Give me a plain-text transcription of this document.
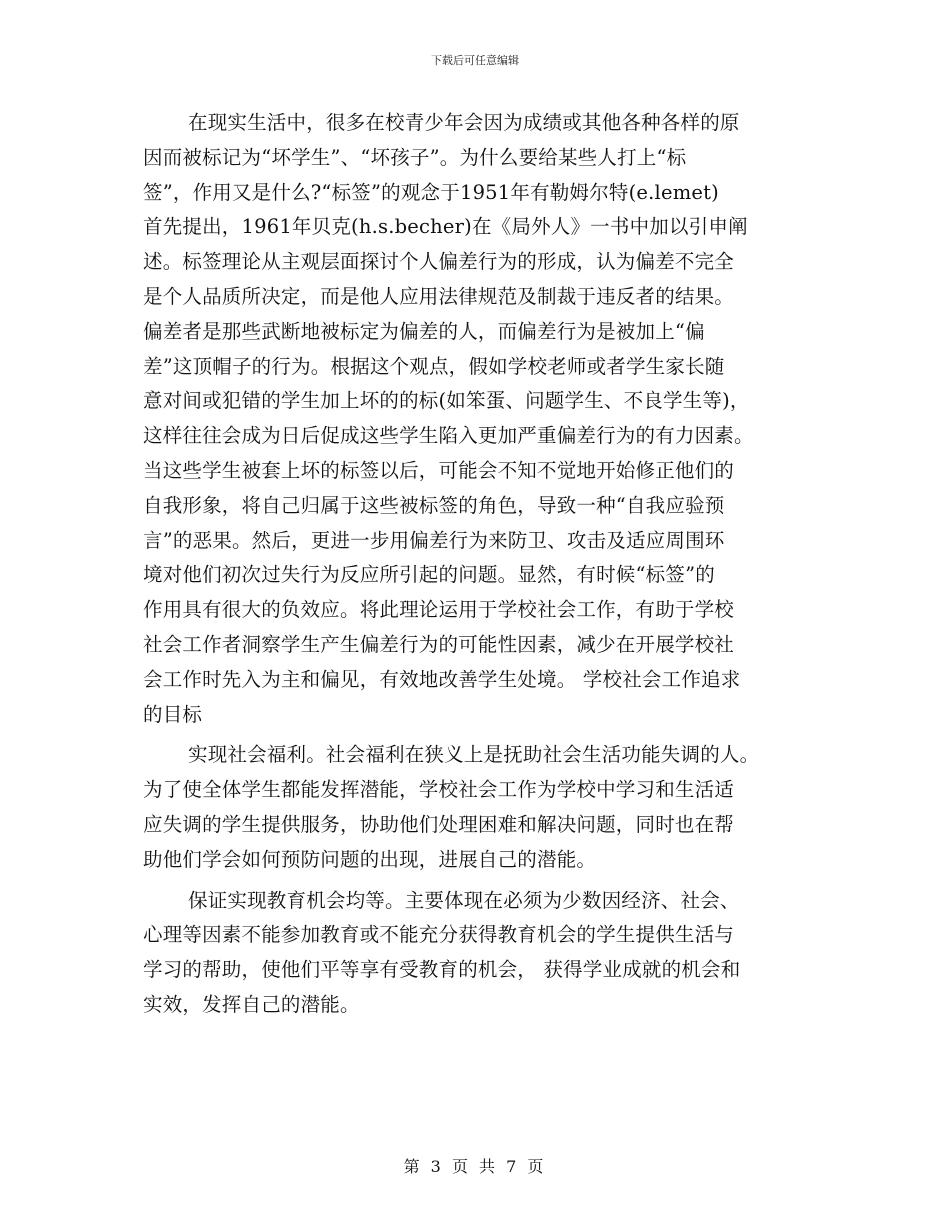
下载后可任意编辑
在现实生活中，很多在校青少年会因为成绩或其他各种各样的原
因而被标记为“坏学生”、“坏孩子”。为什么要给某些人打上“标
签”，作用又是什么?“标签”的观念于1951年有勒姆尔特(e.lemet)
首先提出，1961年贝克(h.s.becher)在《局外人》一书中加以引申阐
述。标签理论从主观层面探讨个人偏差行为的形成，认为偏差不完全
是个人品质所决定，而是他人应用法律规范及制裁于违反者的结果。
偏差者是那些武断地被标定为偏差的人，而偏差行为是被加上“偏
差”这顶帽子的行为。根据这个观点，假如学校老师或者学生家长随
意对间或犯错的学生加上坏的的标(如笨蛋、问题学生、不良学生等)，
这样往往会成为日后促成这些学生陷入更加严重偏差行为的有力因素。
当这些学生被套上坏的标签以后，可能会不知不觉地开始修正他们的
自我形象，将自己归属于这些被标签的角色，导致一种“自我应验预
言”的恶果。然后，更进一步用偏差行为来防卫、攻击及适应周围环
境对他们初次过失行为反应所引起的问题。显然，有时候“标签”的
作用具有很大的负效应。将此理论运用于学校社会工作，有助于学校
社会工作者洞察学生产生偏差行为的可能性因素，减少在开展学校社
会工作时先入为主和偏见，有效地改善学生处境。 学校社会工作追求
的目标
实现社会福利。社会福利在狭义上是抚助社会生活功能失调的人。
为了使全体学生都能发挥潜能，学校社会工作为学校中学习和生活适
应失调的学生提供服务，协助他们处理困难和解决问题，同时也在帮
助他们学会如何预防问题的出现，进展自己的潜能。
保证实现教育机会均等。主要体现在必须为少数因经济、社会、
心理等因素不能参加教育或不能充分获得教育机会的学生提供生活与
学习的帮助，使他们平等享有受教育的机会， 获得学业成就的机会和
实效，发挥自己的潜能。
第 3 页 共 7 页
